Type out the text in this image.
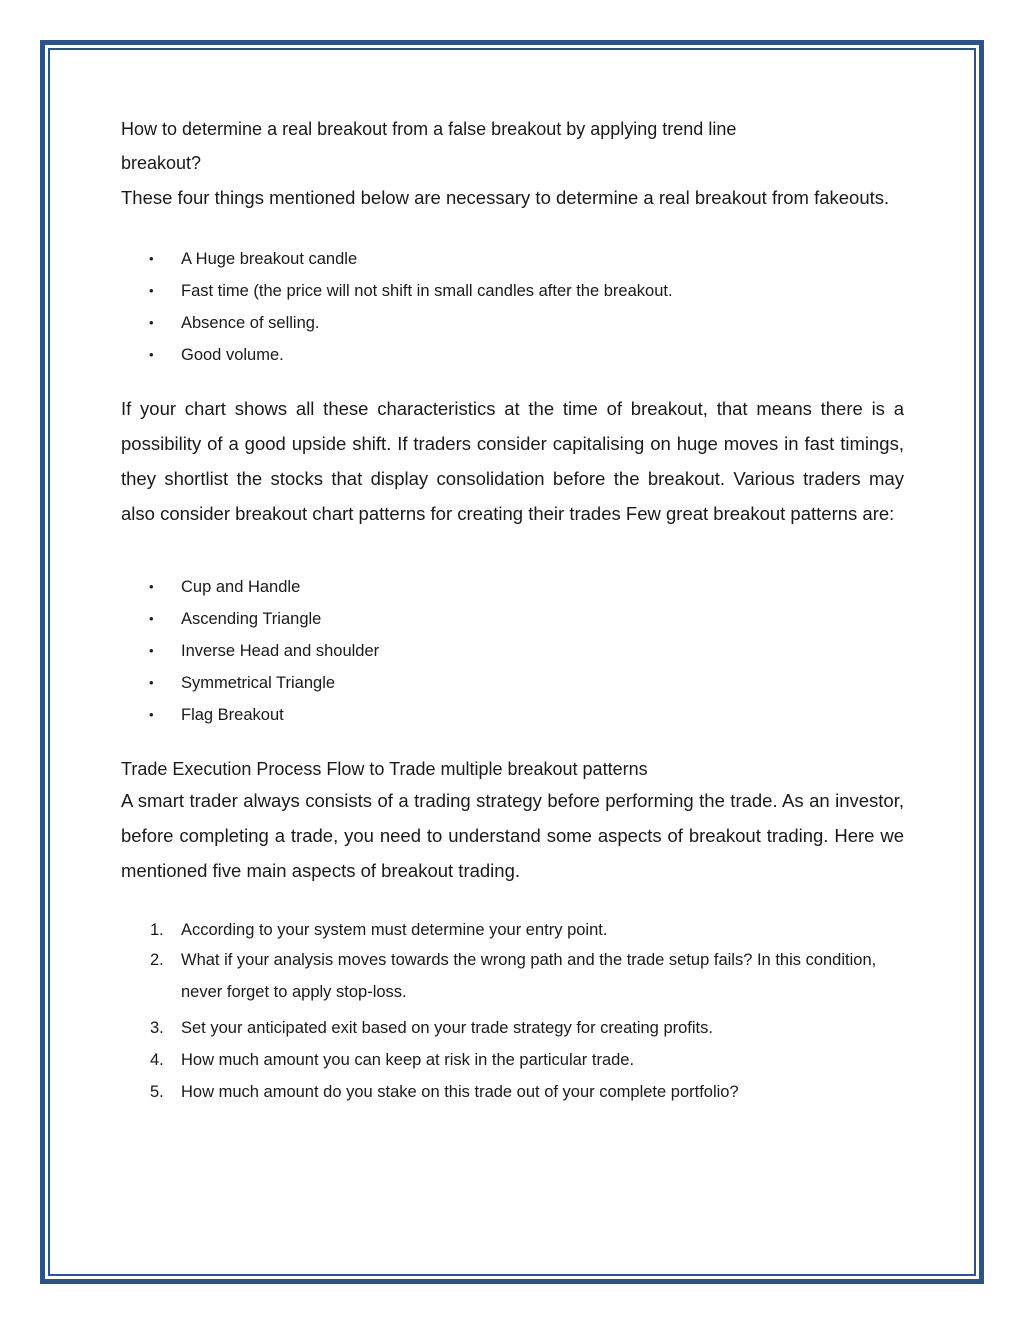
How to determine a real breakout from a false breakout by applying trend line
breakout?

These four things mentioned below are necessary to determine a real breakout from fakeouts.

• A Huge breakout candle
• Fast time (the price will not shift in small candles after the breakout.
• Absence of selling.
• Good volume.

If your chart shows all these characteristics at the time of breakout, that means there is a possibility of a good upside shift. If traders consider capitalising on huge moves in fast timings, they shortlist the stocks that display consolidation before the breakout. Various traders may also consider breakout chart patterns for creating their trades Few great breakout patterns are:

• Cup and Handle
• Ascending Triangle
• Inverse Head and shoulder
• Symmetrical Triangle
• Flag Breakout

Trade Execution Process Flow to Trade multiple breakout patterns

A smart trader always consists of a trading strategy before performing the trade. As an investor, before completing a trade, you need to understand some aspects of breakout trading. Here we mentioned five main aspects of breakout trading.

1. According to your system must determine your entry point.
2. What if your analysis moves towards the wrong path and the trade setup fails? In this condition, never forget to apply stop-loss.
3. Set your anticipated exit based on your trade strategy for creating profits.
4. How much amount you can keep at risk in the particular trade.
5. How much amount do you stake on this trade out of your complete portfolio?
